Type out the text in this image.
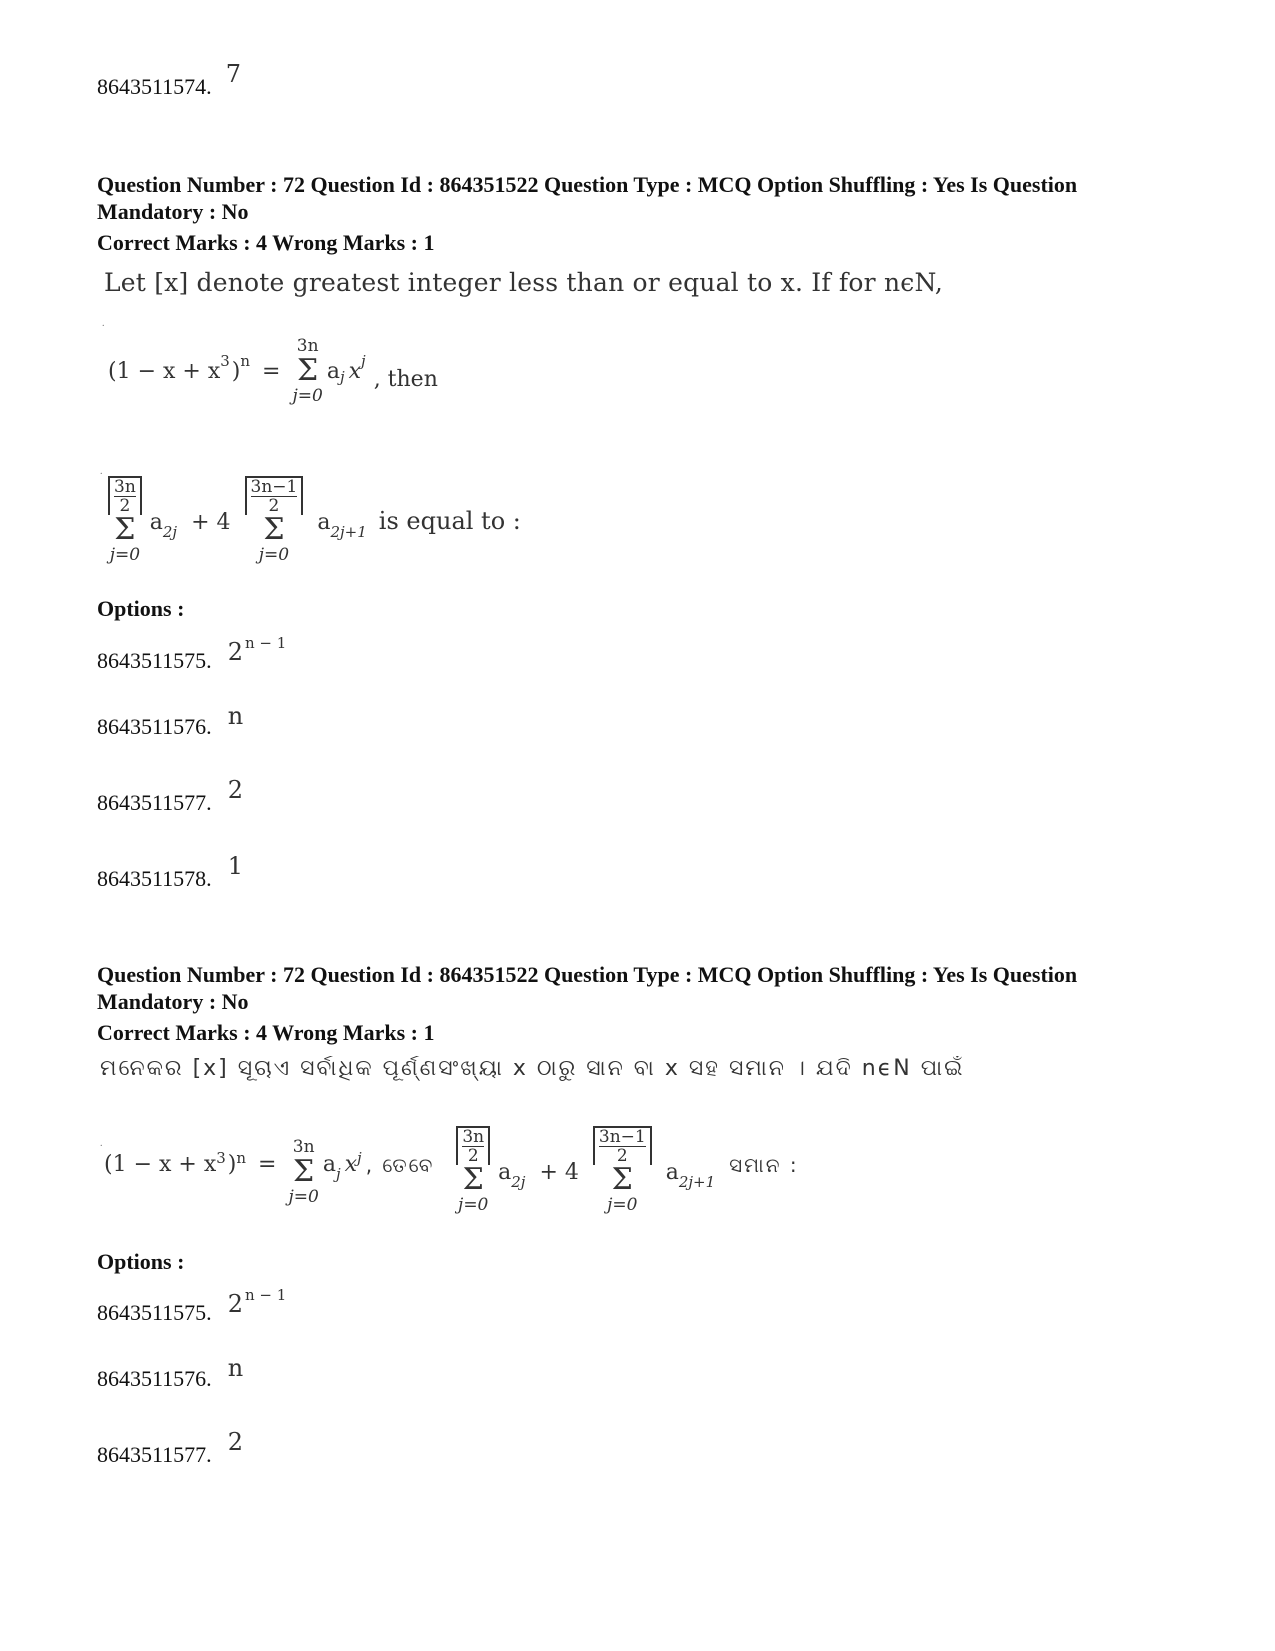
8643511574. 7
Question Number : 72 Question Id : 864351522 Question Type : MCQ Option Shuffling : Yes Is Question
Mandatory : No
Correct Marks : 4 Wrong Marks : 1
Let [x] denote greatest integer less than or equal to x. If for nϵN,
.
(1 − x + x 3 ) n =
3n
Σ
j=0
a j x j
, then
.
3n
2
Σ
j=0
a 2j + 4
3n−1
2
Σ
j=0
a 2j+1 is equal to :
Options :
8643511575. 2 n − 1
8643511576. n
8643511577. 2
8643511578. 1
Question Number : 72 Question Id : 864351522 Question Type : MCQ Option Shuffling : Yes Is Question
Mandatory : No
Correct Marks : 4 Wrong Marks : 1
ମନେକର [x] ସୂଚାଏ ସର୍ବାଧିକ ପୂର୍ଣ୍ଣସଂଖ୍ୟା x ଠାରୁ ସାନ ବା x ସହ ସମାନ । ଯଦି nϵN ପାଇଁ
.
(1 − x + x 3 ) n =
3n
Σ
j=0
a j x j , ତେବେ
3n
2
Σ
j=0
a 2j + 4
3n−1
2
Σ
j=0
a 2j+1
ସମାନ :
Options :
8643511575. 2 n − 1
8643511576. n
8643511577. 2
